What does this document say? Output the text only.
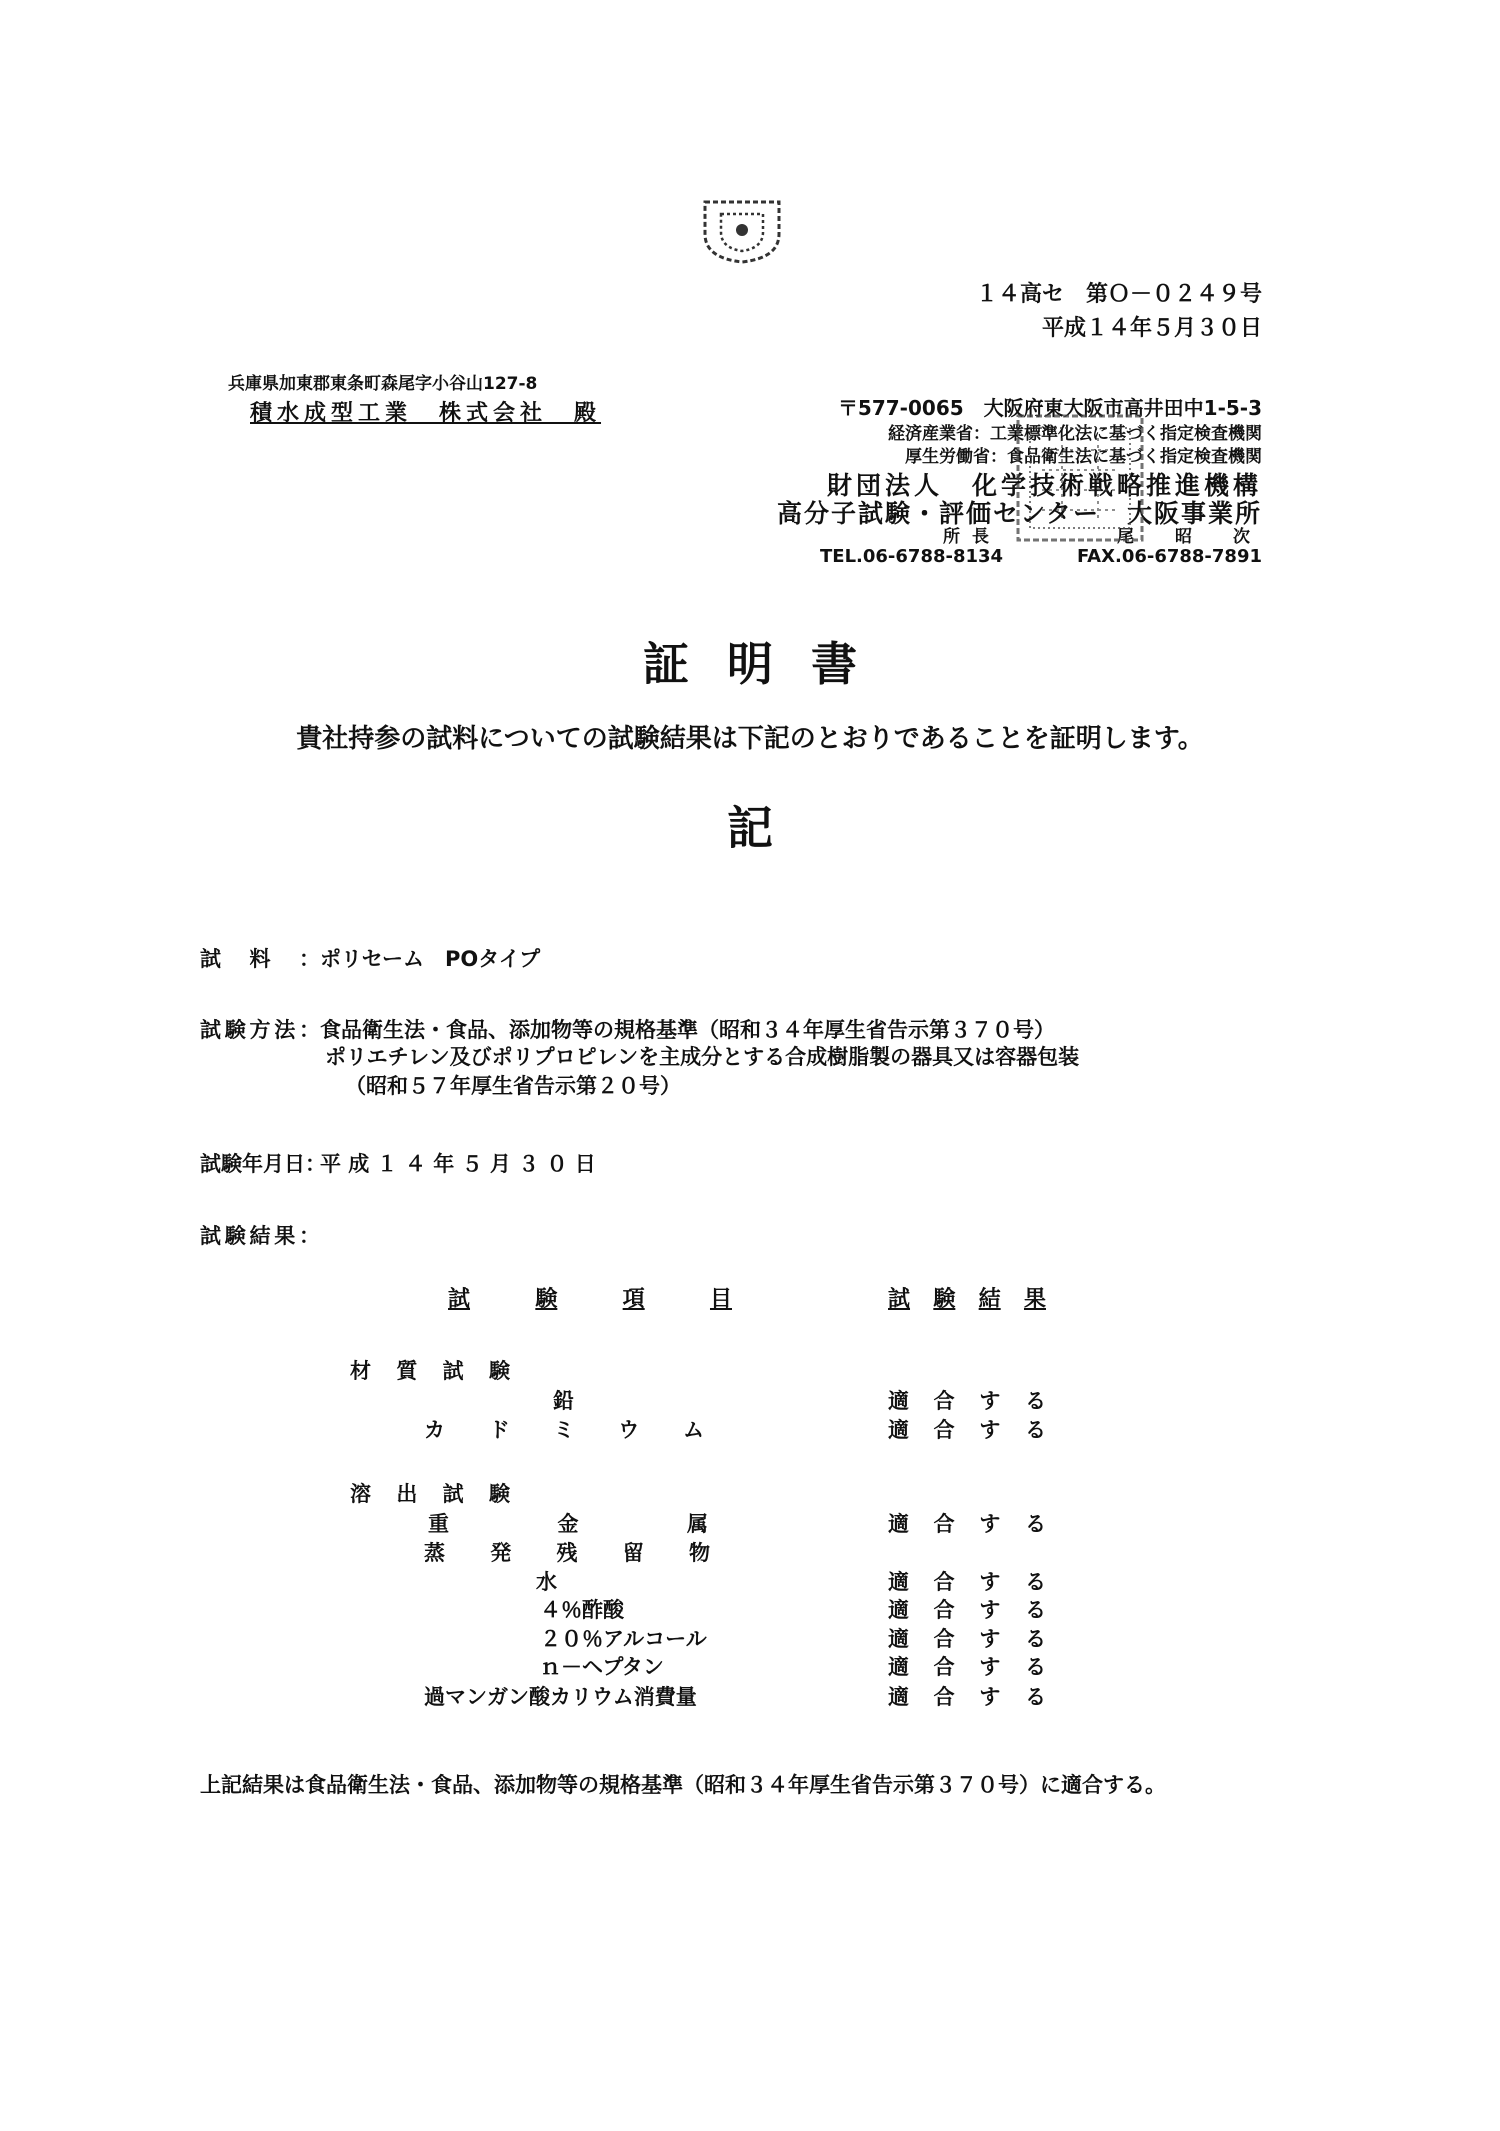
１４高セ　第Ｏ－０２４９号
平成１４年５月３０日
兵庫県加東郡東条町森尾字小谷山127-8
積水成型工業　株式会社　殿	〒577-0065　大阪府東大阪市高井田中1-5-3
経済産業省：工業標準化法に基づく指定検査機関
厚生労働省：食品衛生法に基づく指定検査機関
財団法人　化学技術戦略推進機構
高分子試験・評価センター　大阪事業所
所長　　　　尾　昭　次
TEL.06-6788-8134	FAX.06-6788-7891
証明書
貴社持参の試料についての試験結果は下記のとおりであることを証明します。
記
試料：ポリセーム　POタイプ
試験方法：食品衛生法・食品、添加物等の規格基準（昭和３４年厚生省告示第３７０号）
ポリエチレン及びポリプロピレンを主成分とする合成樹脂製の器具又は容器包装
（昭和５７年厚生省告示第２０号）
試験年月日：平 成 １ ４ 年 ５ 月 ３ ０ 日
試験結果：
試	験	項	目	試 験 結 果
材 質 試 験
鉛	適 合 す る
カ ド ミ ウ ム	適 合 す る
溶 出 試 験
重	金	属	適 合 す る
蒸 発 残 留 物
水	適 合 す る
４％酢酸	適 合 す る
２０％アルコール	適 合 す る
ｎ－ヘプタン	適 合 す る
過マンガン酸カリウム消費量	適 合 す る
上記結果は食品衛生法・食品、添加物等の規格基準（昭和３４年厚生省告示第３７０号）に適合する。
